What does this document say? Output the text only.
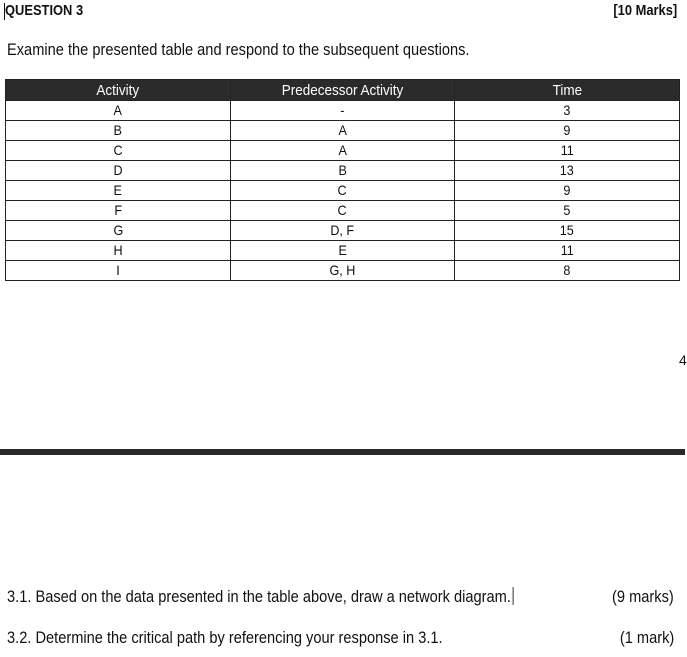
QUESTION 3	[10 Marks]
Examine the presented table and respond to the subsequent questions.
Activity	Predecessor Activity	Time
A	-	3
B	A	9
C	A	11
D	B	13
E	C	9
F	C	5
G	D, F	15
H	E	11
I	G, H	8
4
3.1. Based on the data presented in the table above, draw a network diagram.	(9 marks)
3.2. Determine the critical path by referencing your response in 3.1.	(1 mark)
